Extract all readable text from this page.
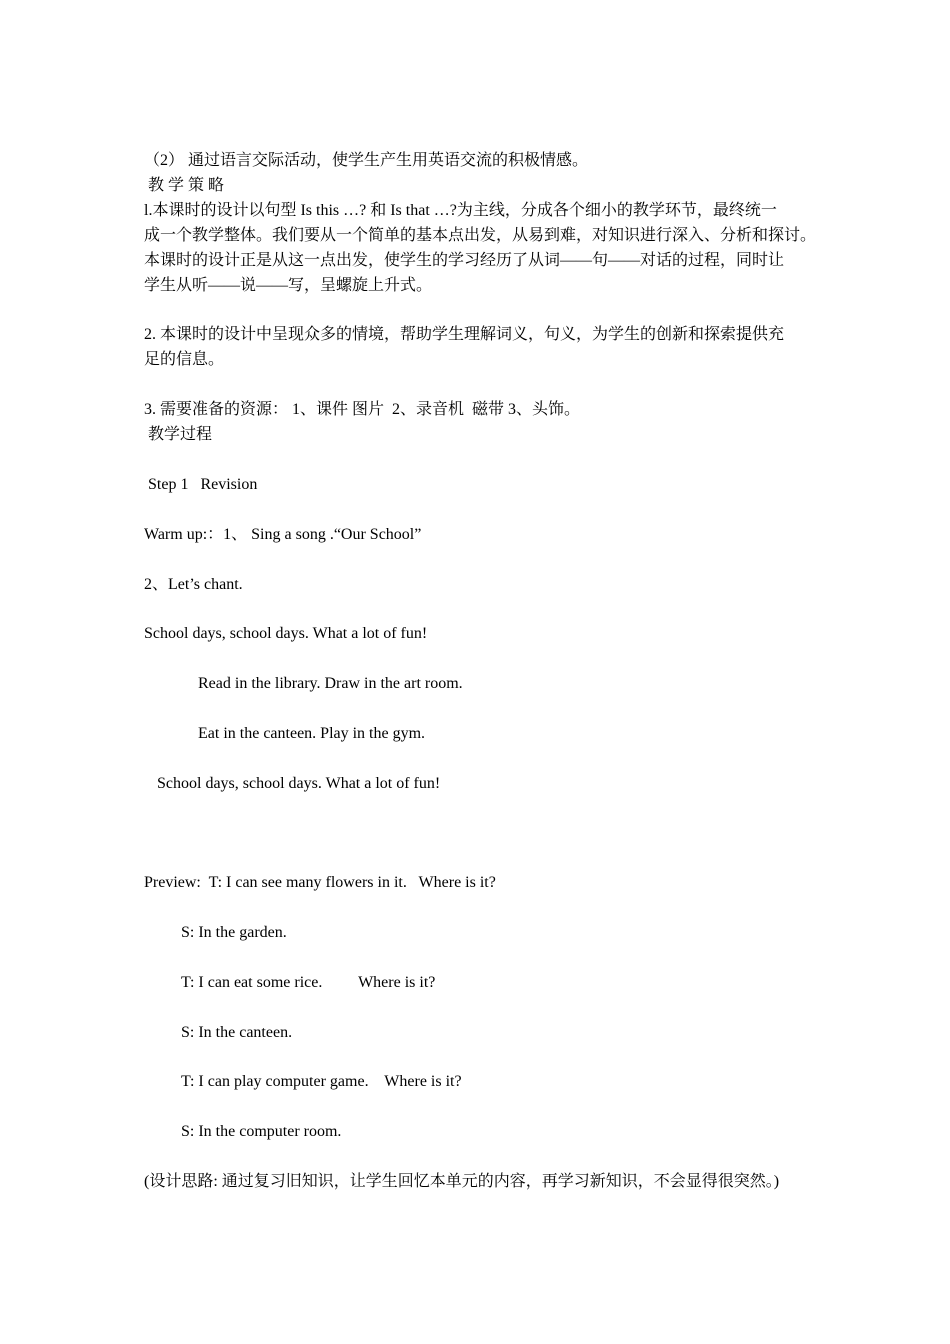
（2） 通过语言交际活动，使学生产生用英语交流的积极情感。
教 学 策 略
l.本课时的设计以句型 Is this …? 和 Is that …?为主线，分成各个细小的教学环节，最终统一
成一个教学整体。我们要从一个简单的基本点出发，从易到难，对知识进行深入、分析和探讨。
本课时的设计正是从这一点出发，使学生的学习经历了从词——句——对话的过程，同时让
学生从听——说——写，呈螺旋上升式。
2. 本课时的设计中呈现众多的情境，帮助学生理解词义，句义，为学生的创新和探索提供充
足的信息。
3. 需要准备的资源： 1、课件 图片  2、录音机  磁带 3、头饰。
教学过程
Step 1   Revision
Warm up:：1、 Sing a song .“Our School”
2、Let’s chant.
School days, school days. What a lot of fun!
Read in the library. Draw in the art room.
Eat in the canteen. Play in the gym.
School days, school days. What a lot of fun!
Preview:  T: I can see many flowers in it.   Where is it?
S: In the garden.
T: I can eat some rice.         Where is it?
S: In the canteen.
T: I can play computer game.    Where is it?
S: In the computer room.
(设计思路: 通过复习旧知识，让学生回忆本单元的内容，再学习新知识，不会显得很突然。)
